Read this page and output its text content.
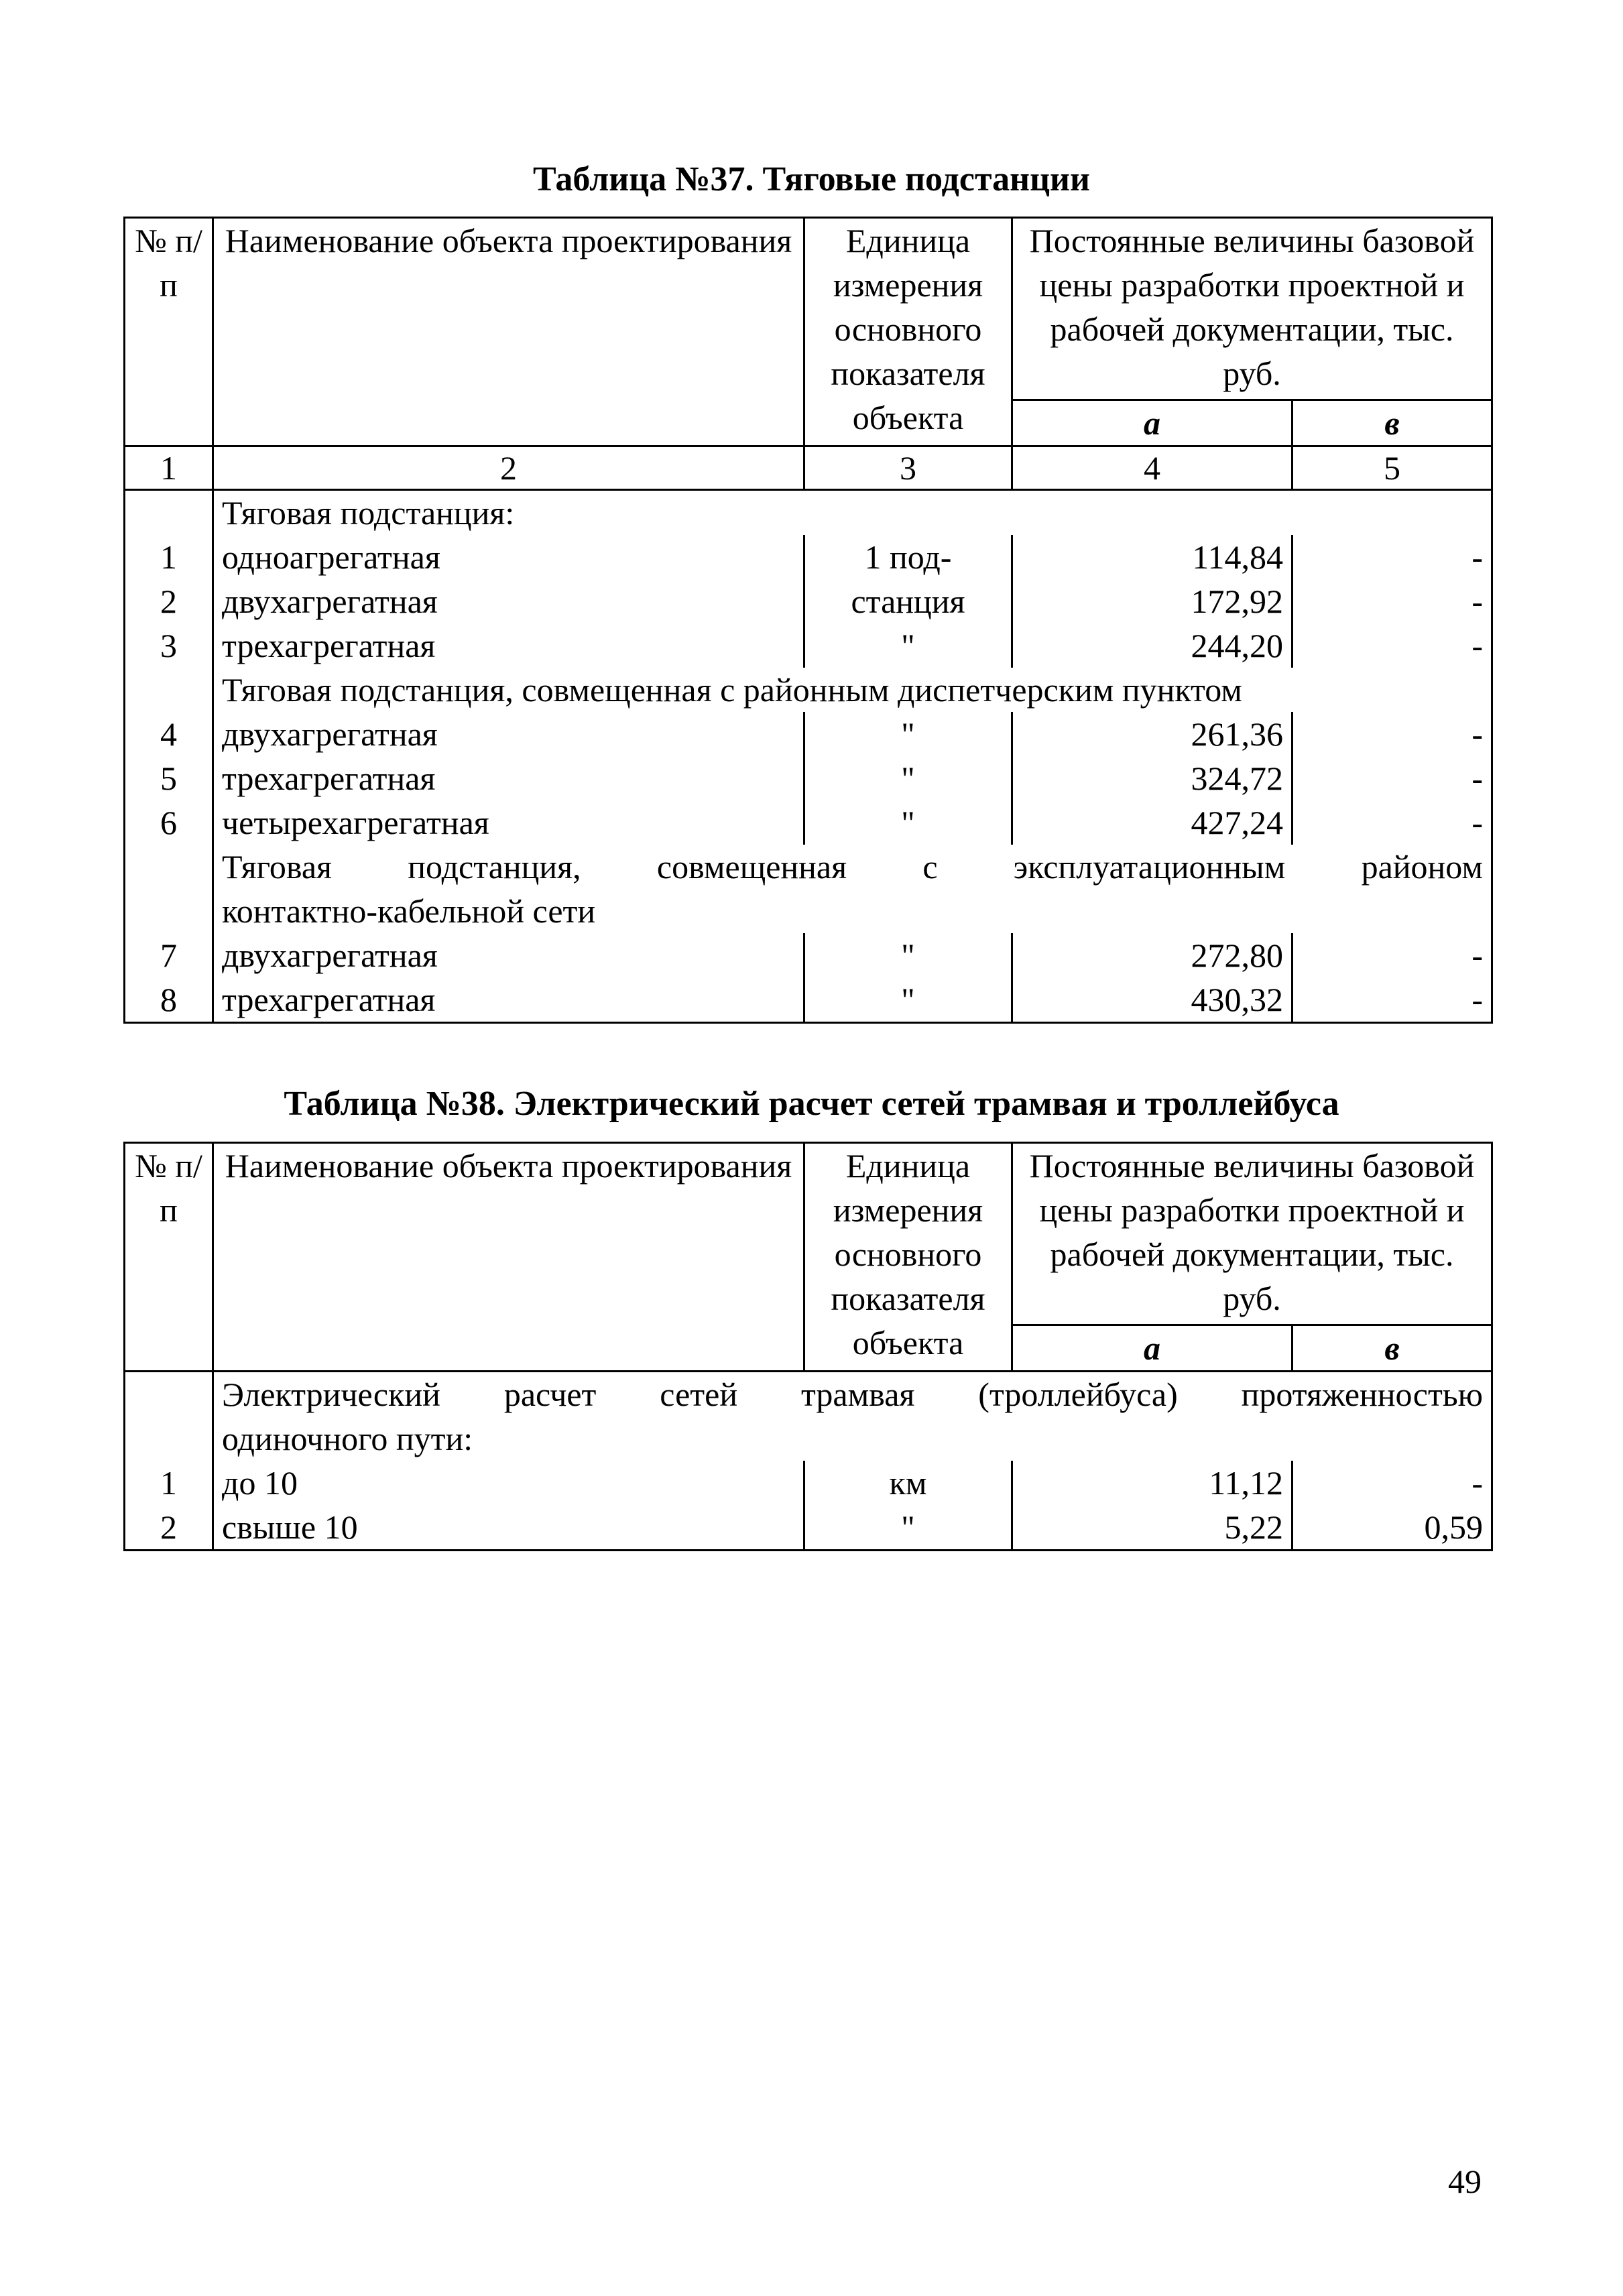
Таблица №37. Тяговые подстанции
№ п/п	Наименование объекта проектирования	Единица измерения основного показателя объекта	Постоянные величины базовой цены разработки проектной и рабочей документации, тыс. руб.	
			а	в
1	2	3	4	5
	Тяговая подстанция:			
1	одноагрегатная	1 под-	114,84	-
2	двухагрегатная	станция	172,92	-
3	трехагрегатная	"	244,20	-
	Тяговая подстанция, совмещенная с районным диспетчерским пунктом			
4	двухагрегатная	"	261,36	-
5	трехагрегатная	"	324,72	-
6	четырехагрегатная	"	427,24	-
	Тяговая подстанция, совмещенная с эксплуатационным районом			
	контактно-кабельной сети			
7	двухагрегатная	"	272,80	-
8	трехагрегатная	"	430,32	-
Таблица №38. Электрический расчет сетей трамвая и троллейбуса
№ п/п	Наименование объекта проектирования	Единица измерения основного показателя объекта	Постоянные величины базовой цены разработки проектной и рабочей документации, тыс. руб.	
			а	в
	Электрический расчет сетей трамвая (троллейбуса) протяженностью			
	одиночного пути:			
1	до 10	км	11,12	-
2	свыше 10	"	5,22	0,59
49
